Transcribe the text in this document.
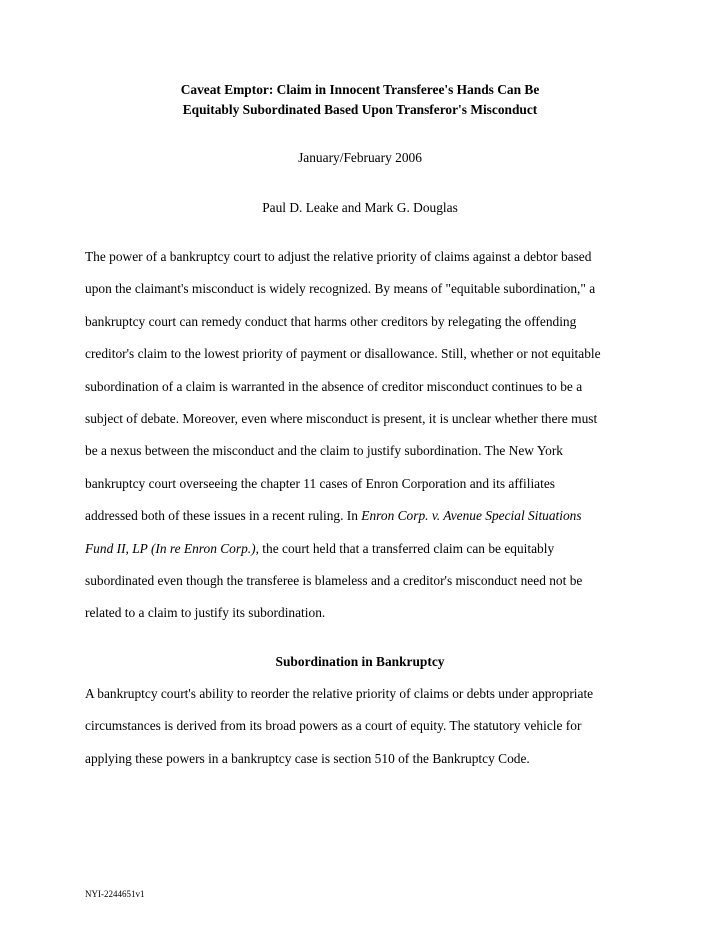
Caveat Emptor: Claim in Innocent Transferee's Hands Can Be
Equitably Subordinated Based Upon Transferor's Misconduct

January/February 2006

Paul D. Leake and Mark G. Douglas

The power of a bankruptcy court to adjust the relative priority of claims against a debtor based
upon the claimant's misconduct is widely recognized. By means of "equitable subordination," a
bankruptcy court can remedy conduct that harms other creditors by relegating the offending
creditor's claim to the lowest priority of payment or disallowance. Still, whether or not equitable
subordination of a claim is warranted in the absence of creditor misconduct continues to be a
subject of debate. Moreover, even where misconduct is present, it is unclear whether there must
be a nexus between the misconduct and the claim to justify subordination. The New York
bankruptcy court overseeing the chapter 11 cases of Enron Corporation and its affiliates
addressed both of these issues in a recent ruling. In Enron Corp. v. Avenue Special Situations
Fund II, LP (In re Enron Corp.), the court held that a transferred claim can be equitably
subordinated even though the transferee is blameless and a creditor's misconduct need not be
related to a claim to justify its subordination.
Subordination in Bankruptcy
A bankruptcy court's ability to reorder the relative priority of claims or debts under appropriate
circumstances is derived from its broad powers as a court of equity. The statutory vehicle for
applying these powers in a bankruptcy case is section 510 of the Bankruptcy Code.

NYI-2244651v1
